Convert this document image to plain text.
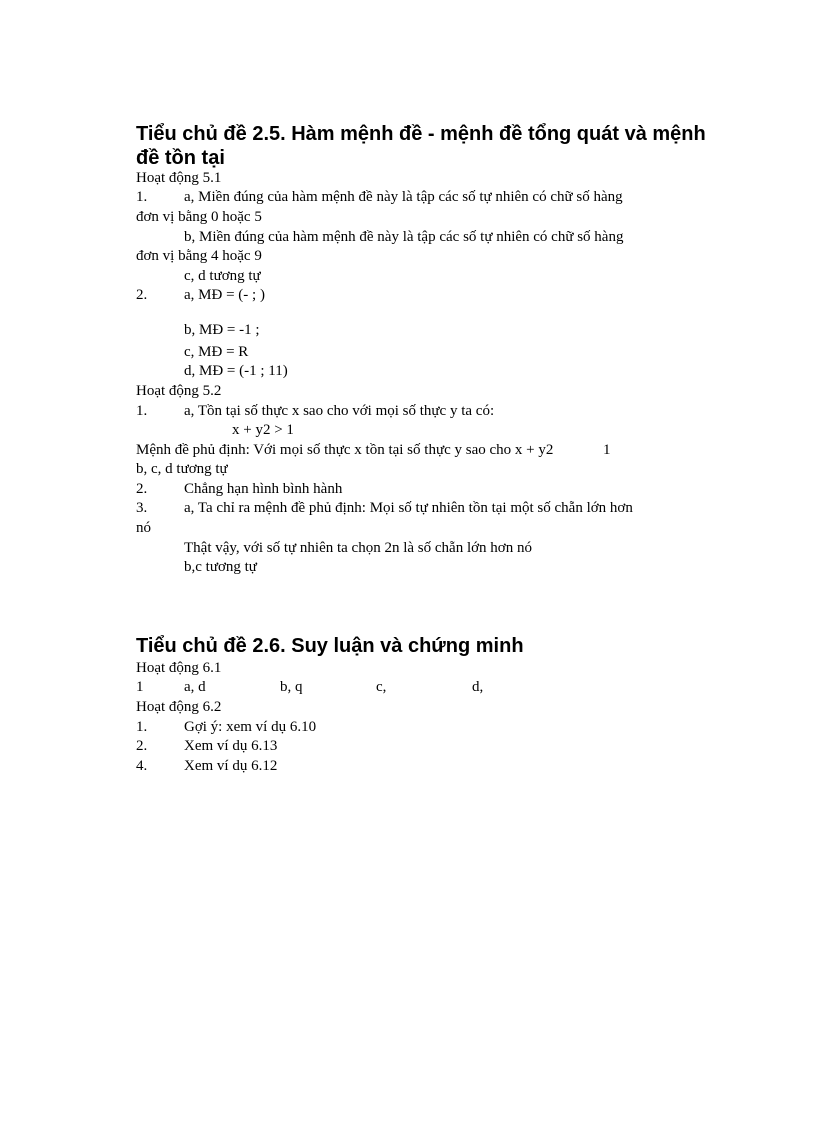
Tiểu chủ đề 2.5. Hàm mệnh đề - mệnh đề tổng quát và mệnh
đề tồn tại

Hoạt động 5.1

1. a, Miền đúng của hàm mệnh đề này là tập các số tự nhiên có chữ số hàng

đơn vị bằng 0 hoặc 5

b, Miền đúng của hàm mệnh đề này là tập các số tự nhiên có chữ số hàng

đơn vị bằng 4 hoặc 9

c, d tương tự

2. a, MĐ = (- ; )

b, MĐ = -1 ;

c, MĐ = R

d, MĐ = (-1 ; 11)

Hoạt động 5.2

1. a, Tồn tại số thực x sao cho với mọi số thực y ta có:

x + y2 > 1

Mệnh đề phủ định: Với mọi số thực x tồn tại số thực y sao cho x + y2	1

b, c, d tương tự

2. Chẳng hạn hình bình hành

3. a, Ta chỉ ra mệnh đề phủ định: Mọi số tự nhiên tồn tại một số chẵn lớn hơn

nó

Thật vậy, với số tự nhiên ta chọn 2n là số chẵn lớn hơn nó

b,c tương tự

Tiểu chủ đề 2.6. Suy luận và chứng minh

Hoạt động 6.1

1	a, d	b, q	c,	d,

Hoạt động 6.2

1. Gợi ý: xem ví dụ 6.10

2. Xem ví dụ 6.13

4. Xem ví dụ 6.12
